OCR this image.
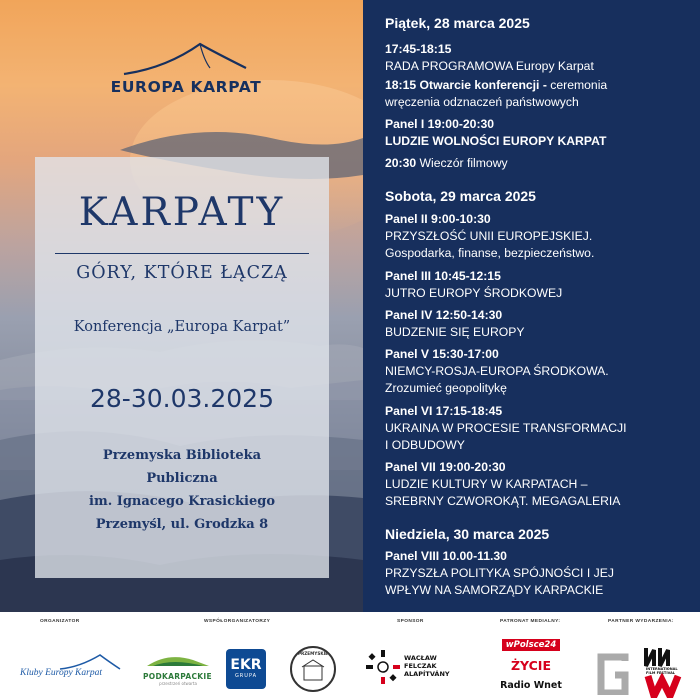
EUROPA KARPAT
KARPATY
GÓRY, KTÓRE ŁĄCZĄ
Konferencja „Europa Karpat”
28-30.03.2025
Przemyska Biblioteka
Publiczna
im. Ignacego Krasickiego
Przemyśl, ul. Grodzka 8
Piątek, 28 marca 2025
17:45-18:15
RADA PROGRAMOWA Europy Karpat
18:15 Otwarcie konferencji - ceremonia
wręczenia odznaczeń państwowych
Panel I 19:00-20:30
LUDZIE WOLNOŚCI EUROPY KARPAT
20:30 Wieczór filmowy
Sobota, 29 marca 2025
Panel II 9:00-10:30
PRZYSZŁOŚĆ UNII EUROPEJSKIEJ.
Gospodarka, finanse, bezpieczeństwo.
Panel III 10:45-12:15
JUTRO EUROPY ŚRODKOWEJ
Panel IV 12:50-14:30
BUDZENIE SIĘ EUROPY
Panel V 15:30-17:00
NIEMCY-ROSJA-EUROPA ŚRODKOWA.
Zrozumieć geopolitykę
Panel VI 17:15-18:45
UKRAINA W PROCESIE TRANSFORMACJI
I ODBUDOWY
Panel VII 19:00-20:30
LUDZIE KULTURY W KARPATACH –
SREBRNY CZWOROKĄT. MEGAGALERIA
Niedziela, 30 marca 2025
Panel VIII 10.00-11.30
PRZYSZŁA POLITYKA SPÓJNOŚCI I JEJ
WPŁYW NA SAMORZĄDY KARPACKIE
ORGANIZATOR	WSPÓŁORGANIZATORZY	SPONSOR	PATRONAT MEDIALNY:	PARTNER WYDARZENIA:
Kluby Europy Karpat	PODKARPACKIE
przestrzeń otwarta
EKR
GRUPA
PRZEMYSKIE
WACŁAW
FELCZAK
ALAPÍTVÁNY
wPolsce24
ŻYCIE
Radio Wnet
INTERNATIONAL FILM FESTIVAL
